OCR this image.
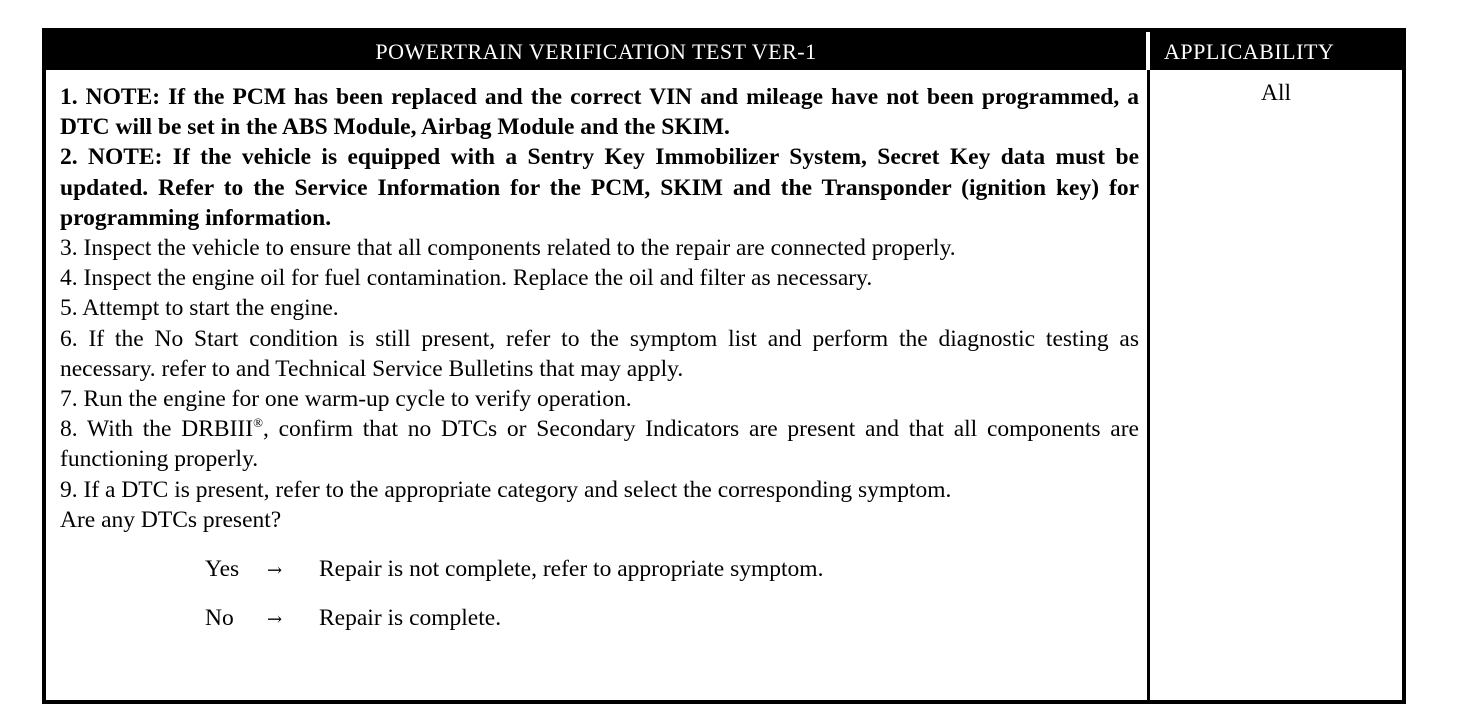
POWERTRAIN VERIFICATION TEST VER-1	APPLICABILITY

1. NOTE: If the PCM has been replaced and the correct VIN and mileage have not been programmed, a DTC will be set in the ABS Module, Airbag Module and the SKIM.

2. NOTE: If the vehicle is equipped with a Sentry Key Immobilizer System, Secret Key data must be updated. Refer to the Service Information for the PCM, SKIM and the Transponder (ignition key) for programming information.

3. Inspect the vehicle to ensure that all components related to the repair are connected properly.

4. Inspect the engine oil for fuel contamination. Replace the oil and filter as necessary.

5. Attempt to start the engine.

6. If the No Start condition is still present, refer to the symptom list and perform the diagnostic testing as necessary. refer to and Technical Service Bulletins that may apply.

7. Run the engine for one warm-up cycle to verify operation.

8. With the DRBIII®, confirm that no DTCs or Secondary Indicators are present and that all components are functioning properly.

9. If a DTC is present, refer to the appropriate category and select the corresponding symptom.

Are any DTCs present?

Yes	→	Repair is not complete, refer to appropriate symptom.
No	→	Repair is complete.
All
